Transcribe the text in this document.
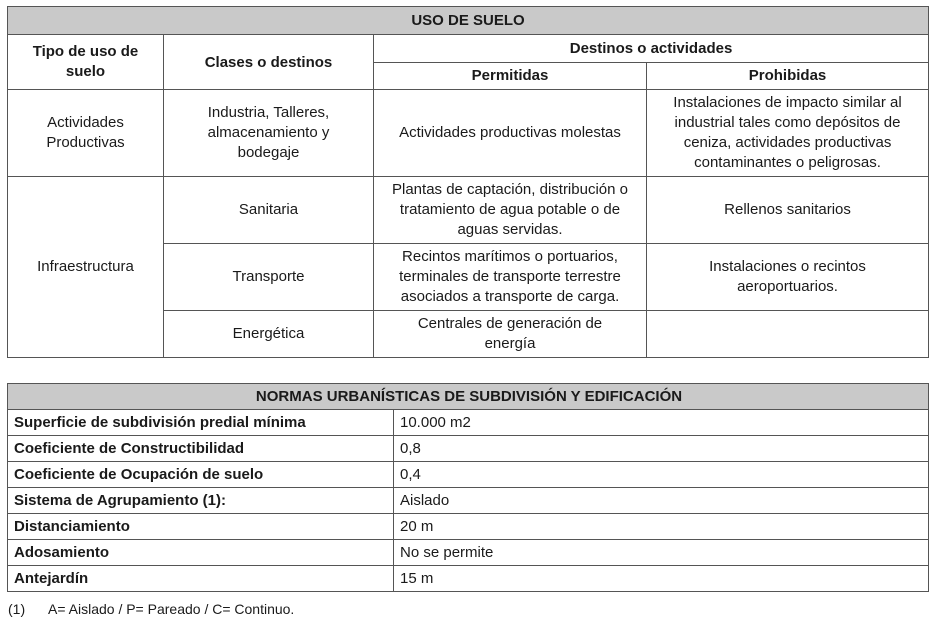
USO DE SUELO			
Tipo de uso de suelo	Clases o destinos	Destinos o actividades	
		Permitidas	Prohibidas
Actividades Productivas	Industria, Talleres, almacenamiento y bodegaje	Actividades productivas molestas	Instalaciones de impacto similar al industrial tales como depósitos de ceniza, actividades productivas contaminantes o peligrosas.
Infraestructura	Sanitaria	Plantas de captación, distribución o tratamiento de agua potable o de aguas servidas.	Rellenos sanitarios
	Transporte	Recintos marítimos o portuarios, terminales de transporte terrestre asociados a transporte de carga.	Instalaciones o recintos aeroportuarios.
	Energética	Centrales de generación de energía	
NORMAS URBANÍSTICAS DE SUBDIVISIÓN Y EDIFICACIÓN	
Superficie de subdivisión predial mínima	10.000 m2
Coeficiente de Constructibilidad	0,8
Coeficiente de Ocupación de suelo	0,4
Sistema de Agrupamiento (1):	Aislado
Distanciamiento	20 m
Adosamiento	No se permite
Antejardín	15 m
(1) A= Aislado / P= Pareado / C= Continuo.
